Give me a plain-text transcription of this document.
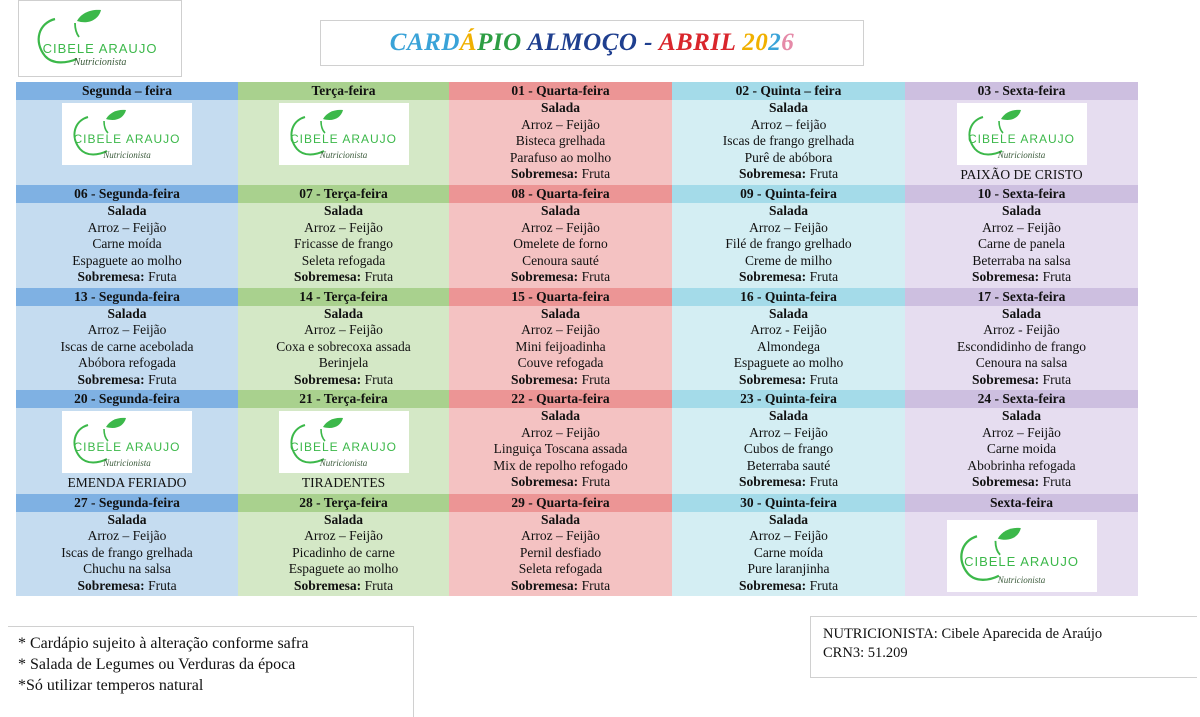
CIBELE ARAUJO
Nutricionista
CARDÁPIO ALMOÇO - ABRIL 2026
Segunda – feira
CIBELE ARAUJO
Nutricionista
Terça-feira
CIBELE ARAUJO
Nutricionista
01 - Quarta-feira
Salada
Arroz – Feijão
Bisteca grelhada
Parafuso ao molho
Sobremesa: Fruta
02 - Quinta – feira
Salada
Arroz – feijão
Iscas de frango grelhada
Purê de abóbora
Sobremesa: Fruta
03 - Sexta-feira
CIBELE ARAUJO
Nutricionista
PAIXÃO DE CRISTO
06 - Segunda-feira
Salada
Arroz – Feijão
Carne moída
Espaguete ao molho
Sobremesa: Fruta
07 - Terça-feira
Salada
Arroz – Feijão
Fricasse de frango
Seleta refogada
Sobremesa: Fruta
08 - Quarta-feira
Salada
Arroz – Feijão
Omelete de forno
Cenoura sauté
Sobremesa: Fruta
09 - Quinta-feira
Salada
Arroz – Feijão
Filé de frango grelhado
Creme de milho
Sobremesa: Fruta
10 - Sexta-feira
Salada
Arroz – Feijão
Carne de panela
Beterraba na salsa
Sobremesa: Fruta
13 - Segunda-feira
Salada
Arroz – Feijão
Iscas de carne acebolada
Abóbora refogada
Sobremesa: Fruta
14 - Terça-feira
Salada
Arroz – Feijão
Coxa e sobrecoxa assada
Berinjela
Sobremesa: Fruta
15 - Quarta-feira
Salada
Arroz – Feijão
Mini feijoadinha
Couve refogada
Sobremesa: Fruta
16 - Quinta-feira
Salada
Arroz - Feijão
Almondega
Espaguete ao molho
Sobremesa: Fruta
17 - Sexta-feira
Salada
Arroz - Feijão
Escondidinho de frango
Cenoura na salsa
Sobremesa: Fruta
20 - Segunda-feira
CIBELE ARAUJO
Nutricionista
EMENDA FERIADO
21 - Terça-feira
CIBELE ARAUJO
Nutricionista
TIRADENTES
22 - Quarta-feira
Salada
Arroz – Feijão
Linguiça Toscana assada
Mix de repolho refogado
Sobremesa: Fruta
23 - Quinta-feira
Salada
Arroz – Feijão
Cubos de frango
Beterraba sauté
Sobremesa: Fruta
24 - Sexta-feira
Salada
Arroz – Feijão
Carne moida
Abobrinha refogada
Sobremesa: Fruta
27 - Segunda-feira
Salada
Arroz – Feijão
Iscas de frango grelhada
Chuchu na salsa
Sobremesa: Fruta
28 - Terça-feira
Salada
Arroz – Feijão
Picadinho de carne
Espaguete ao molho
Sobremesa: Fruta
29 - Quarta-feira
Salada
Arroz – Feijão
Pernil desfiado
Seleta refogada
Sobremesa: Fruta
30 - Quinta-feira
Salada
Arroz – Feijão
Carne moída
Pure laranjinha
Sobremesa: Fruta
Sexta-feira
CIBELE ARAUJO
Nutricionista
* Cardápio sujeito à alteração conforme safra
* Salada de Legumes ou Verduras da época
*Só utilizar temperos natural
NUTRICIONISTA: Cibele Aparecida de Araújo
CRN3: 51.209
